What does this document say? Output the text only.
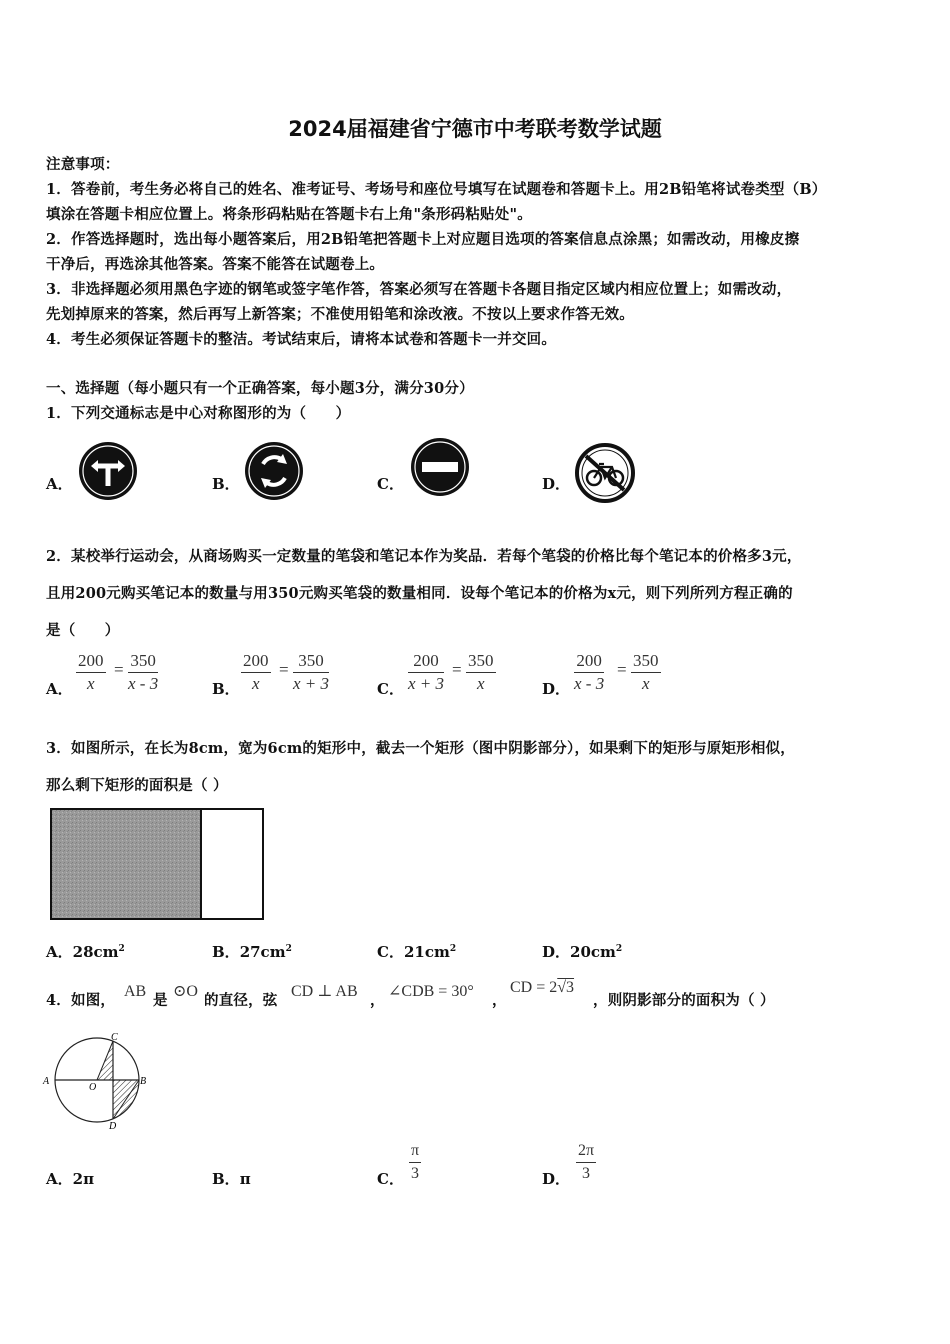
2024届福建省宁德市中考联考数学试题
注意事项：
1．答卷前，考生务必将自己的姓名、准考证号、考场号和座位号填写在试题卷和答题卡上。用2B铅笔将试卷类型（B）
填涂在答题卡相应位置上。将条形码粘贴在答题卡右上角"条形码粘贴处"。
2．作答选择题时，选出每小题答案后，用2B铅笔把答题卡上对应题目选项的答案信息点涂黑；如需改动，用橡皮擦
干净后，再选涂其他答案。答案不能答在试题卷上。
3．非选择题必须用黑色字迹的钢笔或签字笔作答，答案必须写在答题卡各题目指定区域内相应位置上；如需改动，
先划掉原来的答案，然后再写上新答案；不准使用铅笔和涂改液。不按以上要求作答无效。
4．考生必须保证答题卡的整洁。考试结束后，请将本试卷和答题卡一并交回。
一、选择题（每小题只有一个正确答案，每小题3分，满分30分）
1．下列交通标志是中心对称图形的为（　　）
A．	B．	C．	D．
2．某校举行运动会，从商场购买一定数量的笔袋和笔记本作为奖品．若每个笔袋的价格比每个笔记本的价格多3元，
且用200元购买笔记本的数量与用350元购买笔袋的数量相同．设每个笔记本的价格为x元，则下列所列方程正确的
是（　　）
A． $\frac{200}{x} = \frac{350}{x - 3}$	B． $\frac{200}{x} = \frac{350}{x + 3}$	C． $\frac{200}{x + 3} = \frac{350}{x}$	D． $\frac{200}{x - 3} = \frac{350}{x}$
3．如图所示，在长为8cm，宽为6cm的矩形中，截去一个矩形（图中阴影部分），如果剩下的矩形与原矩形相似，
那么剩下矩形的面积是（ ）
A．$28cm^2$	B．$27cm^2$	C．$21cm^2$	D．$20cm^2$
4．如图，
AB
是
⊙O
的直径，弦
CD ⊥ AB
，
∠CDB = 30°
，
CD = 2√3
，则阴影部分的面积为（ ）
A	B
C
D
O
A．2π	B．π	C． $\frac{\pi}{3}$	D． $\frac{2\pi}{3}$
